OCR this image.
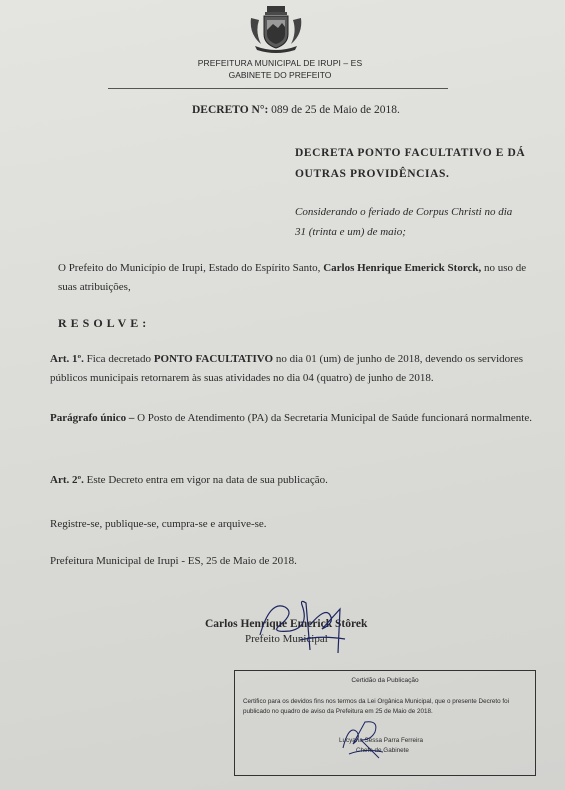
PREFEITURA MUNICIPAL DE IRUPI – ES
GABINETE DO PREFEITO
DECRETO N°: 089 de 25 de Maio de 2018.
DECRETA PONTO FACULTATIVO E DÁ
OUTRAS PROVIDÊNCIAS.
Considerando o feriado de Corpus Christi no dia
31 (trinta e um) de maio;
O Prefeito do Município de Irupi, Estado do Espírito Santo, Carlos Henrique Emerick Storck, no uso de suas atribuições,
RESOLVE:
Art. 1º. Fica decretado PONTO FACULTATIVO no dia 01 (um) de junho de 2018, devendo os servidores públicos municipais retornarem às suas atividades no dia 04 (quatro) de junho de 2018.
Parágrafo único – O Posto de Atendimento (PA) da Secretaria Municipal de Saúde funcionará normalmente.
Art. 2º. Este Decreto entra em vigor na data de sua publicação.
Registre-se, publique-se, cumpra-se e arquive-se.
Prefeitura Municipal de Irupi - ES, 25 de Maio de 2018.
Carlos Henrique Emerick Stôrek
Prefeito Municipal
Certidão da Publicação
Certifico para os devidos fins nos termos da Lei Orgânica Municipal, que o presente Decreto foi publicado no quadro de aviso da Prefeitura em 25 de Maio de 2018.
Lucyana Sessa Parra Ferreira
Chefe de Gabinete
